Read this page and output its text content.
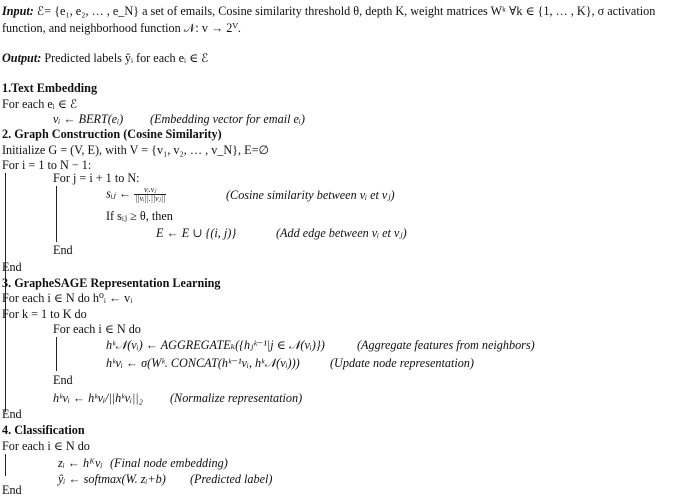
Input: ℰ= {e₁, e₂, … , e_N} a set of emails, Cosine similarity threshold θ, depth K, weight matrices Wᵏ ∀k ∈ {1, … , K}, σ activation
function, and neighborhood function 𝒩: v → 2ⱽ.
Output: Predicted labels ŷᵢ for each eᵢ ∈ ℰ
1.Text Embedding
For each eᵢ ∈ ℰ
vᵢ ← BERT(eᵢ) (Embedding vector for email eᵢ)
2. Graph Construction (Cosine Similarity)
Initialize G = (V, E), with V = {v₁, v₂, … , v_N}, E=∅
For i = 1 to N − 1:
For j = i + 1 to N:
sᵢⱼ ← $\frac{\text{vᵢ.vⱼ}}{\text{||vᵢ||.||vⱼ||}}$	(Cosine similarity between vᵢ et vⱼ)
If sᵢⱼ ≥ θ, then
E ← E ∪ {(i, j)}	(Add edge between vᵢ et vⱼ)
End
End
3. GrapheSAGE Representation Learning
For each i ∈ N do h⁰ᵢ ← vᵢ
For k = 1 to K do
For each i ∈ N do
hᵏ𝒩(vᵢ) ← AGGREGATEₖ({hⱼᵏ⁻¹|j ∈ 𝒩(vᵢ)})	(Aggregate features from neighbors)
hᵏvᵢ ← σ(Wᵏ. CONCAT(hᵏ⁻¹vᵢ, hᵏ𝒩(vᵢ))) (Update node representation)
End
hᵏvᵢ ← hᵏvᵢ/||hᵏvᵢ||₂ (Normalize representation)
End
4. Classification
For each i ∈ N do
zᵢ ← hᴷvᵢ (Final node embedding)
ŷᵢ ← softmax(W. zᵢ+b) (Predicted label)
End
